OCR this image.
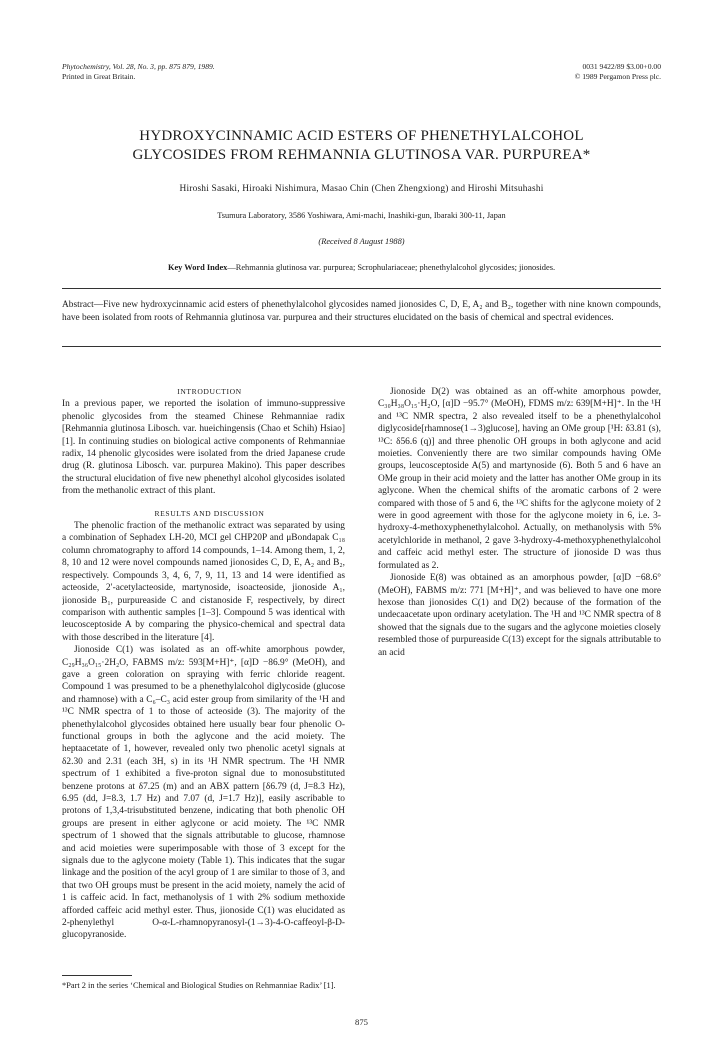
Phytochemistry, Vol. 28, No. 3, pp. 875 879, 1989.
Printed in Great Britain.
0031 9422/89 $3.00+0.00
© 1989 Pergamon Press plc.
HYDROXYCINNAMIC ACID ESTERS OF PHENETHYLALCOHOL
GLYCOSIDES FROM REHMANNIA GLUTINOSA VAR. PURPUREA*
Hiroshi Sasaki, Hiroaki Nishimura, Masao Chin (Chen Zhengxiong) and Hiroshi Mitsuhashi
Tsumura Laboratory, 3586 Yoshiwara, Ami-machi, Inashiki-gun, Ibaraki 300-11, Japan
(Received 8 August 1988)
Key Word Index—Rehmannia glutinosa var. purpurea; Scrophulariaceae; phenethylalcohol glycosides; jionosides.
Abstract—Five new hydroxycinnamic acid esters of phenethylalcohol glycosides named jionosides C, D, E, A₂ and B₂, together with nine known compounds, have been isolated from roots of Rehmannia glutinosa var. purpurea and their structures elucidated on the basis of chemical and spectral evidences.

INTRODUCTION

In a previous paper, we reported the isolation of immuno-suppressive phenolic glycosides from the steamed Chinese Rehmanniae radix [Rehmannia glutinosa Libosch. var. hueichingensis (Chao et Schih) Hsiao] [1]. In continuing studies on biological active components of Rehmanniae radix, 14 phenolic glycosides were isolated from the dried Japanese crude drug (R. glutinosa Libosch. var. purpurea Makino). This paper describes the structural elucidation of five new phenethyl alcohol glycosides isolated from the methanolic extract of this plant.

RESULTS AND DISCUSSION

The phenolic fraction of the methanolic extract was separated by using a combination of Sephadex LH-20, MCI gel CHP20P and μBondapak C₁₈ column chromatography to afford 14 compounds, 1–14. Among them, 1, 2, 8, 10 and 12 were novel compounds named jionosides C, D, E, A₂ and B₂, respectively. Compounds 3, 4, 6, 7, 9, 11, 13 and 14 were identified as acteoside, 2′-acetylacteoside, martynoside, isoacteoside, jionoside A₁, jionoside B₁, purpureaside C and cistanoside F, respectively, by direct comparison with authentic samples [1–3]. Compound 5 was identical with leucosceptoside A by comparing the physico-chemical and spectral data with those described in the literature [4].

Jionoside C(1) was isolated as an off-white amorphous powder, C₂₉H₃₆O₁₅·2H₂O, FABMS m/z: 593[M+H]⁺, [α]D −86.9° (MeOH), and gave a green coloration on spraying with ferric chloride reagent. Compound 1 was presumed to be a phenethylalcohol diglycoside (glucose and rhamnose) with a C₆–C₃ acid ester group from similarity of the ¹H and ¹³C NMR spectra of 1 to those of acteoside (3). The majority of the phenethylalcohol glycosides obtained here usually bear four phenolic O-functional groups in both the aglycone and the acid moiety. The heptaacetate of 1, however, revealed only two phenolic acetyl signals at δ2.30 and 2.31 (each 3H, s) in its ¹H NMR spectrum. The ¹H NMR spectrum of 1 exhibited a five-proton signal due to monosubstituted benzene protons at δ7.25 (m) and an ABX pattern [δ6.79 (d, J=8.3 Hz), 6.95 (dd, J=8.3, 1.7 Hz) and 7.07 (d, J=1.7 Hz)], easily ascribable to protons of 1,3,4-trisubstituted benzene, indicating that both phenolic OH groups are present in either aglycone or acid moiety. The ¹³C NMR spectrum of 1 showed that the signals attributable to glucose, rhamnose and acid moieties were superimposable with those of 3 except for the signals due to the aglycone moiety (Table 1). This indicates that the sugar linkage and the position of the acyl group of 1 are similar to those of 3, and that two OH groups must be present in the acid moiety, namely the acid of 1 is caffeic acid. In fact, methanolysis of 1 with 2% sodium methoxide afforded caffeic acid methyl ester. Thus, jionoside C(1) was elucidated as 2-phenylethyl O-α-L-rhamnopyranosyl-(1→3)-4-O-caffeoyl-β-D-glucopyranoside.

*Part 2 in the series ‘Chemical and Biological Studies on Rehmanniae Radix’ [1].

Jionoside D(2) was obtained as an off-white amorphous powder, C₃₀H₃₈O₁₅·H₂O, [α]D −95.7° (MeOH), FDMS m/z: 639[M+H]⁺. In the ¹H and ¹³C NMR spectra, 2 also revealed itself to be a phenethylalcohol diglycoside[rhamnose(1→3)glucose], having an OMe group [¹H: δ3.81 (s), ¹³C: δ56.6 (q)] and three phenolic OH groups in both aglycone and acid moieties. Conveniently there are two similar compounds having OMe groups, leucosceptoside A(5) and martynoside (6). Both 5 and 6 have an OMe group in their acid moiety and the latter has another OMe group in its aglycone. When the chemical shifts of the aromatic carbons of 2 were compared with those of 5 and 6, the ¹³C shifts for the aglycone moiety of 2 were in good agreement with those for the aglycone moiety in 6, i.e. 3-hydroxy-4-methoxyphenethylalcohol. Actually, on methanolysis with 5% acetylchloride in methanol, 2 gave 3-hydroxy-4-methoxyphenethylalcohol and caffeic acid methyl ester. The structure of jionoside D was thus formulated as 2.

Jionoside E(8) was obtained as an amorphous powder, [α]D −68.6° (MeOH), FABMS m/z: 771 [M+H]⁺, and was believed to have one more hexose than jionosides C(1) and D(2) because of the formation of the undecaacetate upon ordinary acetylation. The ¹H and ¹³C NMR spectra of 8 showed that the signals due to the sugars and the aglycone moieties closely resembled those of purpureaside C(13) except for the signals attributable to an acid

875
